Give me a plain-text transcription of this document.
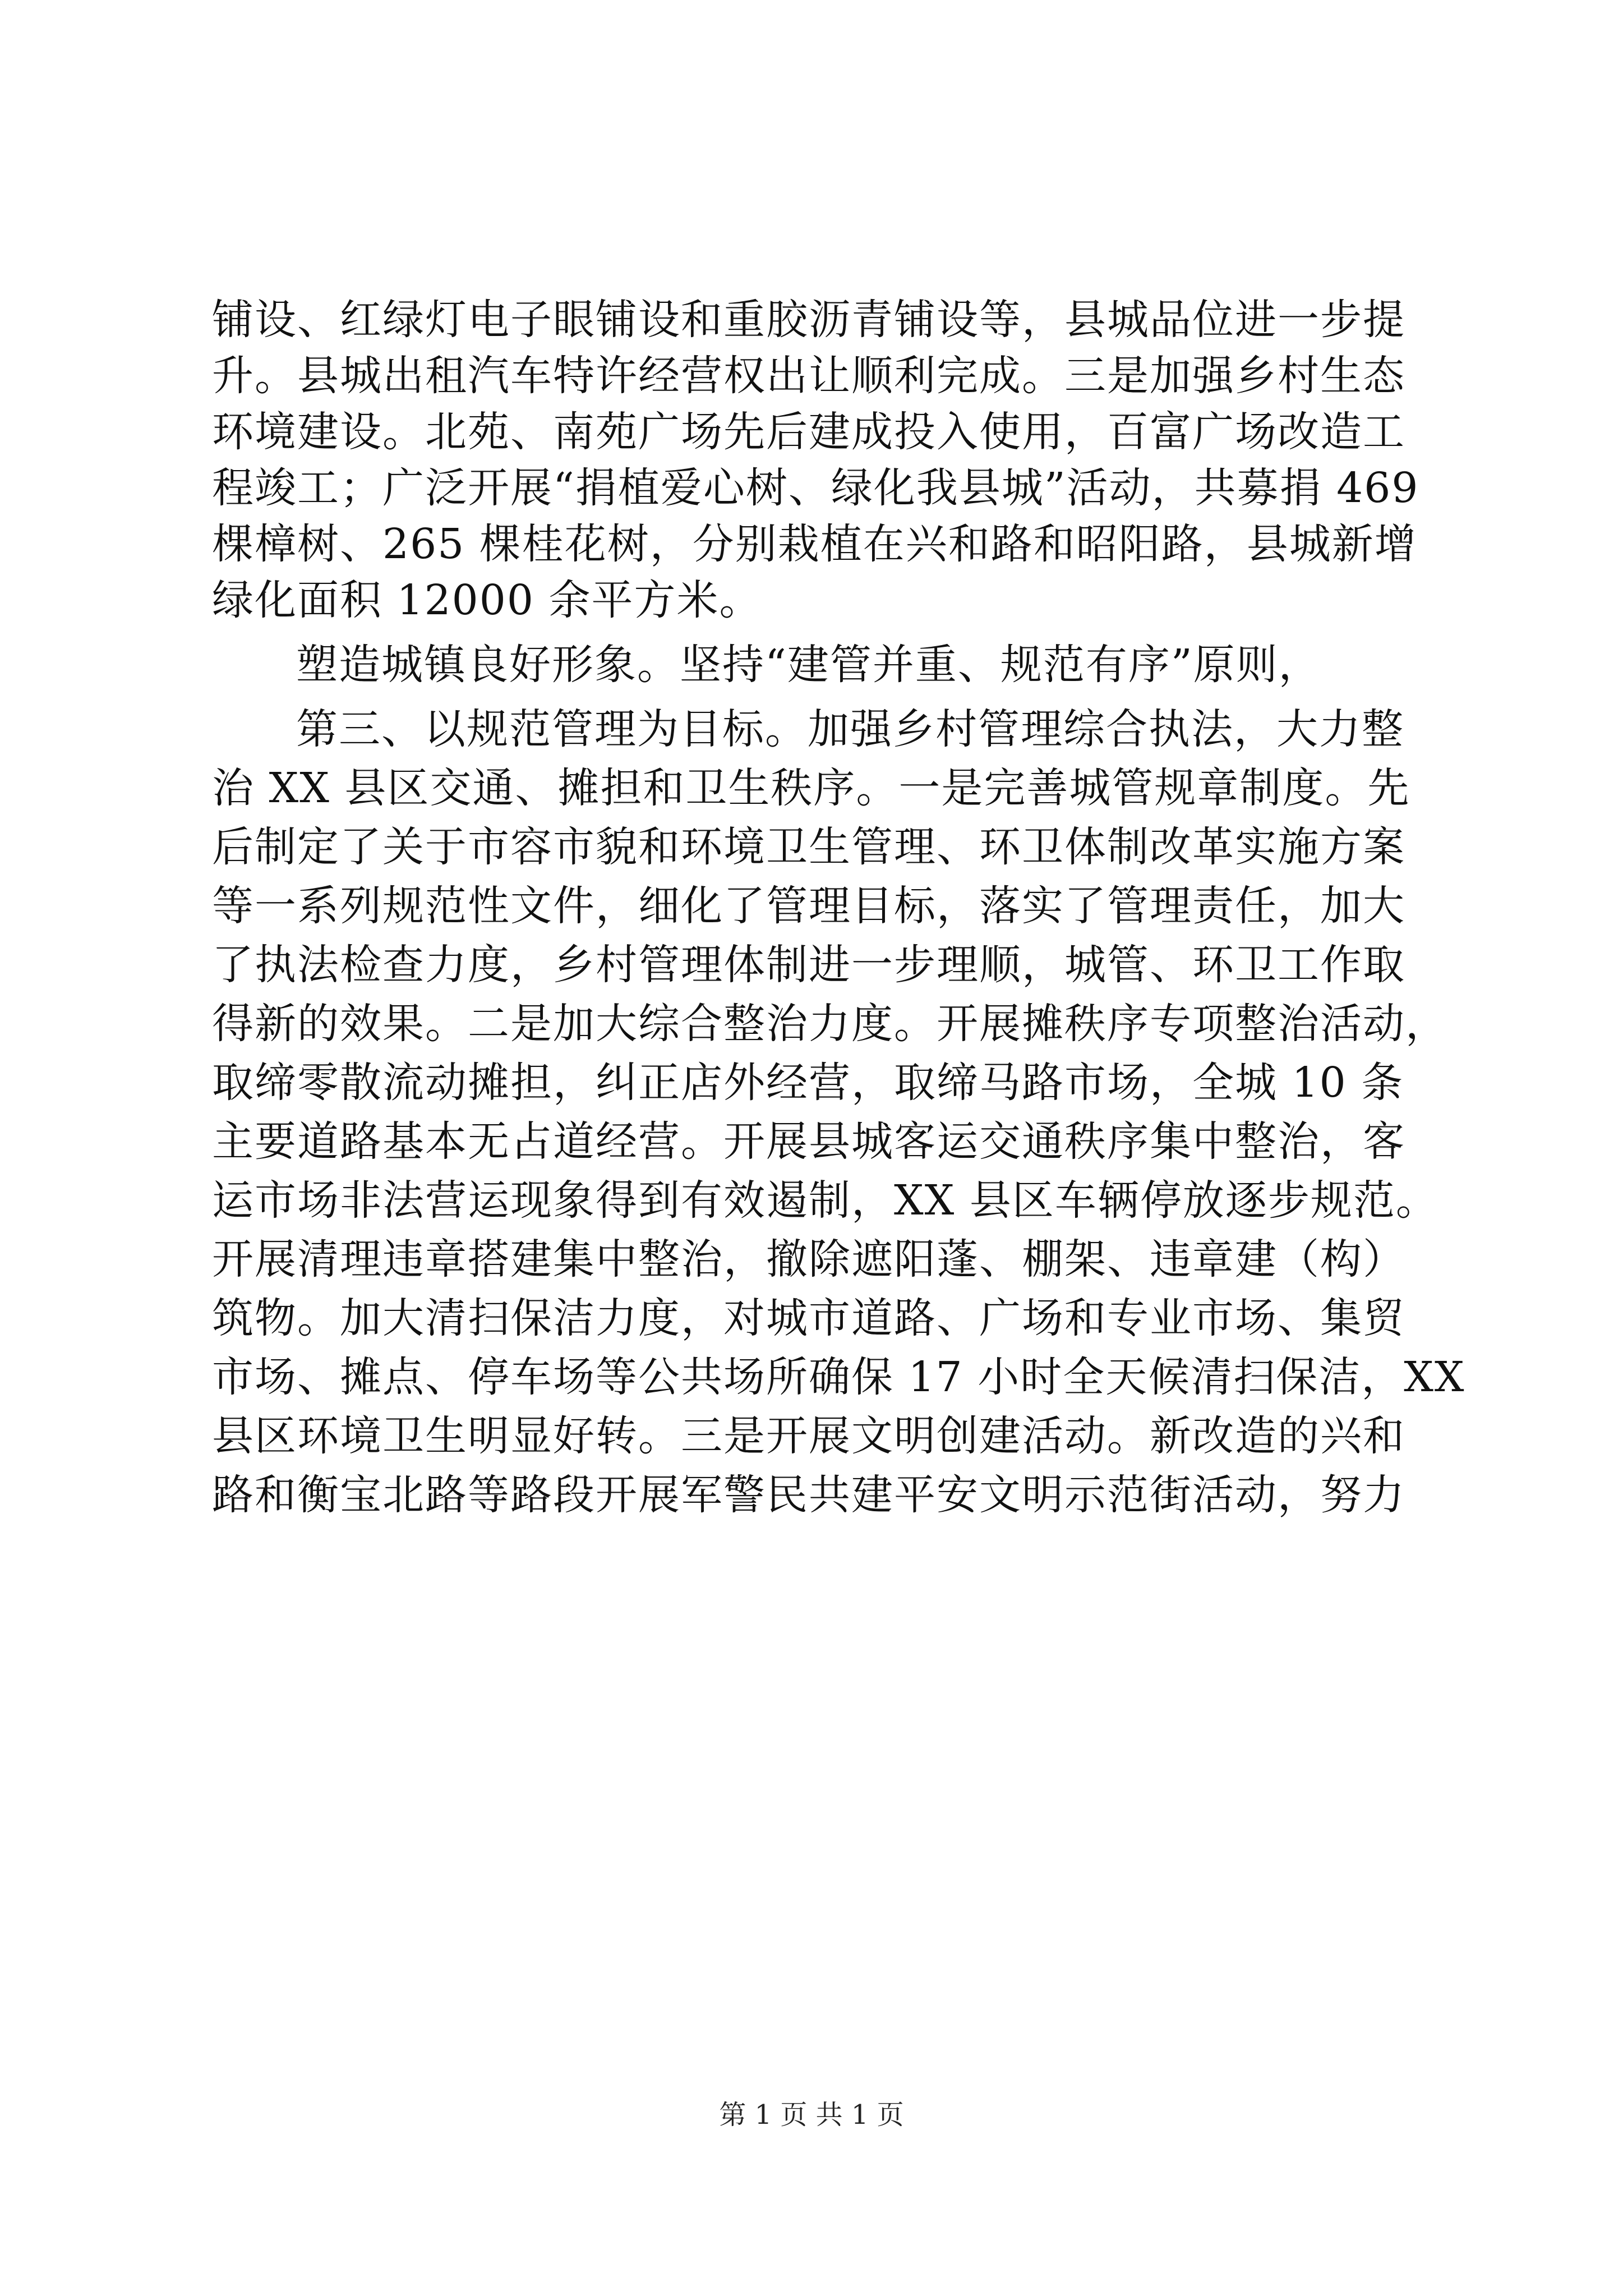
铺设、红绿灯电子眼铺设和重胶沥青铺设等，县城品位进一步提
升。县城出租汽车特许经营权出让顺利完成。三是加强乡村生态
环境建设。北苑、南苑广场先后建成投入使用，百富广场改造工
程竣工；广泛开展“捐植爱心树、绿化我县城”活动，共募捐 469
棵樟树、265 棵桂花树，分别栽植在兴和路和昭阳路，县城新增
绿化面积 12000 余平方米。
塑造城镇良好形象。坚持“建管并重、规范有序”原则，
第三、以规范管理为目标。加强乡村管理综合执法，大力整
治 XX 县区交通、摊担和卫生秩序。一是完善城管规章制度。先
后制定了关于市容市貌和环境卫生管理、环卫体制改革实施方案
等一系列规范性文件，细化了管理目标，落实了管理责任，加大
了执法检查力度，乡村管理体制进一步理顺，城管、环卫工作取
得新的效果。二是加大综合整治力度。开展摊秩序专项整治活动，
取缔零散流动摊担，纠正店外经营，取缔马路市场，全城 10 条
主要道路基本无占道经营。开展县城客运交通秩序集中整治，客
运市场非法营运现象得到有效遏制，XX 县区车辆停放逐步规范。
开展清理违章搭建集中整治，撤除遮阳蓬、棚架、违章建（构）
筑物。加大清扫保洁力度，对城市道路、广场和专业市场、集贸
市场、摊点、停车场等公共场所确保 17 小时全天候清扫保洁，XX
县区环境卫生明显好转。三是开展文明创建活动。新改造的兴和
路和衡宝北路等路段开展军警民共建平安文明示范街活动，努力
第 1 页 共 1 页
